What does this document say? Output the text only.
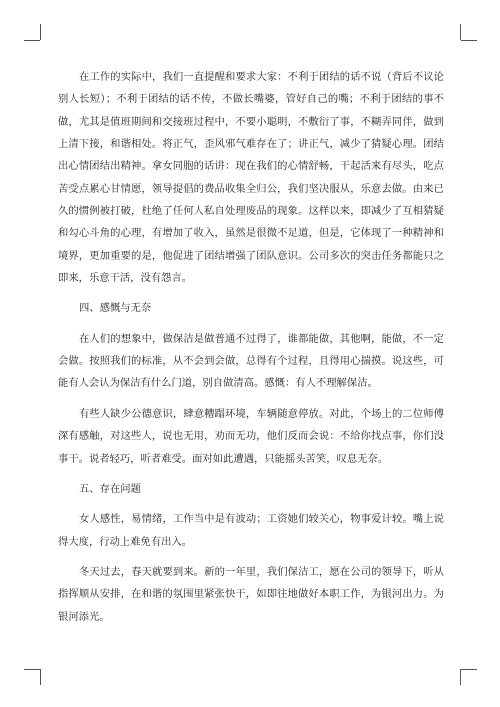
在工作的实际中，我们一直提醒和要求大家：不利于团结的话不说（背后不议论别人长短）；不利于团结的话不传，不做长嘴婆，管好自己的嘴；不利于团结的事不做，尤其是值班期间和交接班过程中，不要小聪明，不敷衍了事，不糊弄同伴，做到上清下接，和谐相处。将正气，歪风邪气难存在了；讲正气，减少了猜疑心理。团结出心情团结出精神。拿女同胞的话讲：现在我们的心情舒畅，干起活来有尽头，吃点苦受点累心甘情愿，领导提倡的费品收集全归公，我们坚决服从，乐意去做。由来已久的惯例被打破，杜绝了任何人私自处理废品的现象。这样以来，即减少了互相猜疑和勾心斗角的心理，有增加了收入，虽然是很微不足道，但是，它体现了一种精神和境界，更加重要的是，他促进了团结增强了团队意识。公司多次的突击任务都能只之即来，乐意干活，没有怨言。

四、感慨与无奈

在人们的想象中，做保洁是做普通不过得了，谁都能做，其他啊，能做，不一定会做。按照我们的标准，从不会到会做，总得有个过程，且得用心揣摸。说这些，可能有人会认为保洁有什么门道，别自做清高。感慨：有人不理解保洁。

有些人缺少公德意识，肆意糟蹋环境，车辆随意停放。对此，个场上的二位师傅深有感触，对这些人，说也无用，劝而无功，他们反而会说：不给你找点事，你们没事干。说者轻巧，听者难受。面对如此遭遇，只能摇头苦笑，叹息无奈。

五、存在问题

女人感性，易情绪，工作当中是有波动；工资她们较关心，物事爱计较。嘴上说得大度，行动上难免有出入。

冬天过去，春天就要到来。新的一年里，我们保洁工，愿在公司的领导下，听从指挥顺从安排，在和谐的氛围里紧张快干，如即往地做好本职工作，为银河出力。为银河添光。
